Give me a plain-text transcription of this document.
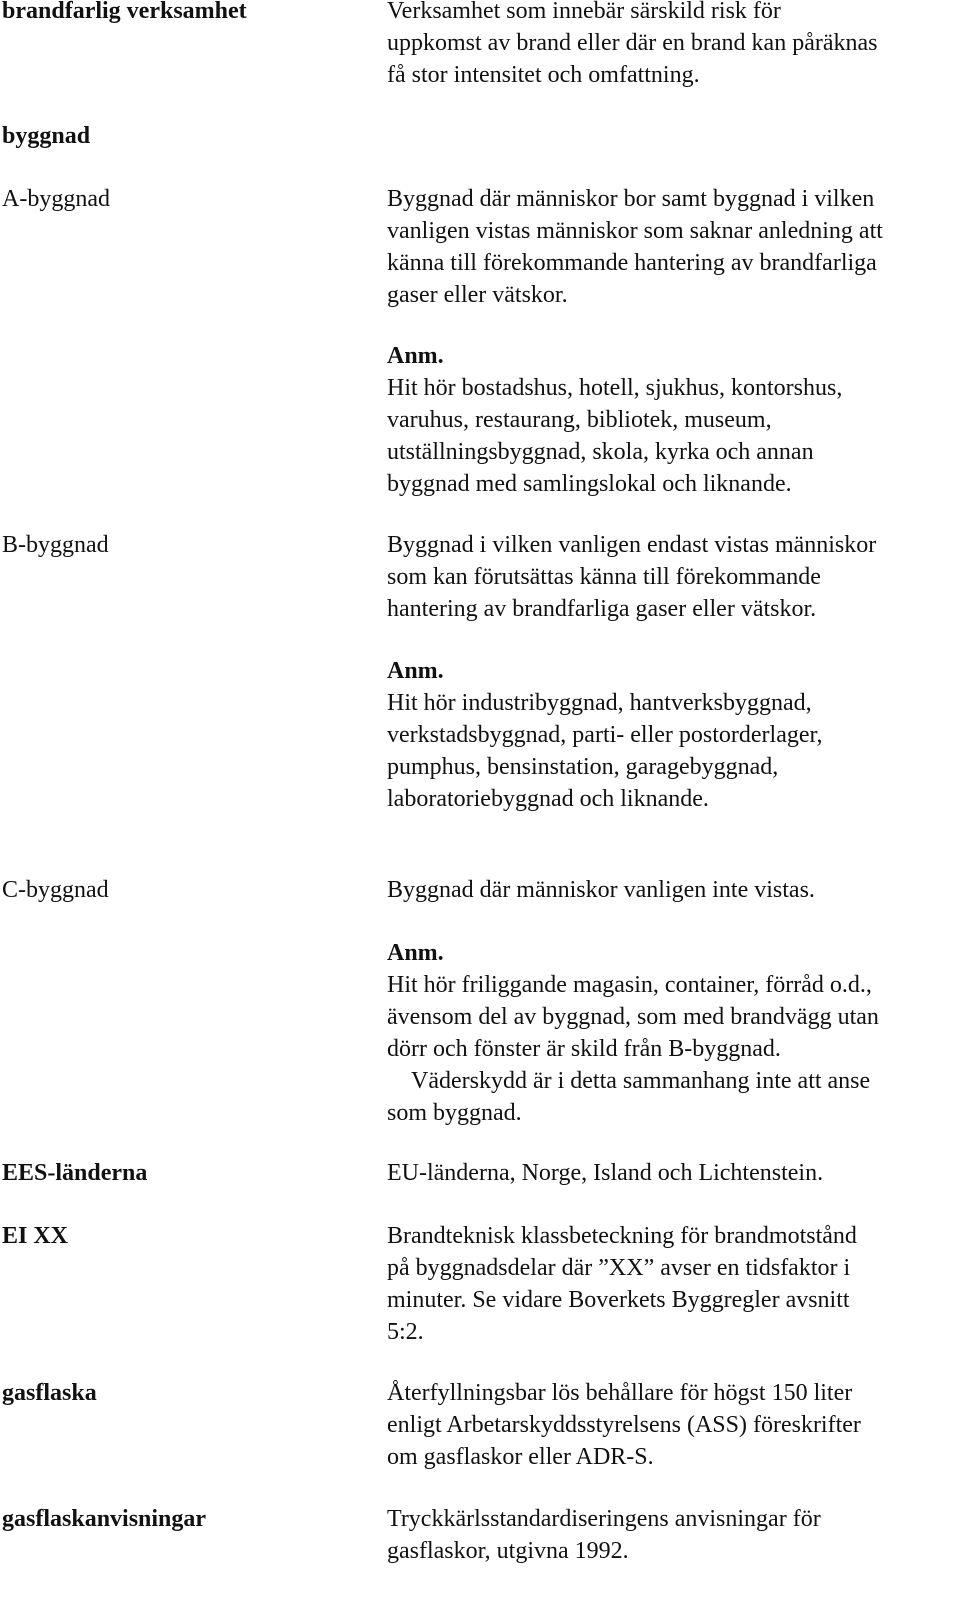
brandfarlig verksamhet	Verksamhet som innebär särskild risk för
uppkomst av brand eller där en brand kan påräknas
få stor intensitet och omfattning.
byggnad
A-byggnad	Byggnad där människor bor samt byggnad i vilken
vanligen vistas människor som saknar anledning att
känna till förekommande hantering av brandfarliga
gaser eller vätskor.
Anm.
Hit hör bostadshus, hotell, sjukhus, kontorshus,
varuhus, restaurang, bibliotek, museum,
utställningsbyggnad, skola, kyrka och annan
byggnad med samlingslokal och liknande.
B-byggnad	Byggnad i vilken vanligen endast vistas människor
som kan förutsättas känna till förekommande
hantering av brandfarliga gaser eller vätskor.
Anm.
Hit hör industribyggnad, hantverksbyggnad,
verkstadsbyggnad, parti- eller postorderlager,
pumphus, bensinstation, garagebyggnad,
laboratoriebyggnad och liknande.
C-byggnad	Byggnad där människor vanligen inte vistas.
Anm.
Hit hör friliggande magasin, container, förråd o.d.,
ävensom del av byggnad, som med brandvägg utan
dörr och fönster är skild från B-byggnad.
Väderskydd är i detta sammanhang inte att anse
som byggnad.
EES-länderna	EU-länderna, Norge, Island och Lichtenstein.
EI XX	Brandteknisk klassbeteckning för brandmotstånd
på byggnadsdelar där ”XX” avser en tidsfaktor i
minuter. Se vidare Boverkets Byggregler avsnitt
5:2.
gasflaska	Återfyllningsbar lös behållare för högst 150 liter
enligt Arbetarskyddsstyrelsens (ASS) föreskrifter
om gasflaskor eller ADR-S.
gasflaskanvisningar	Tryckkärlsstandardiseringens anvisningar för
gasflaskor, utgivna 1992.
